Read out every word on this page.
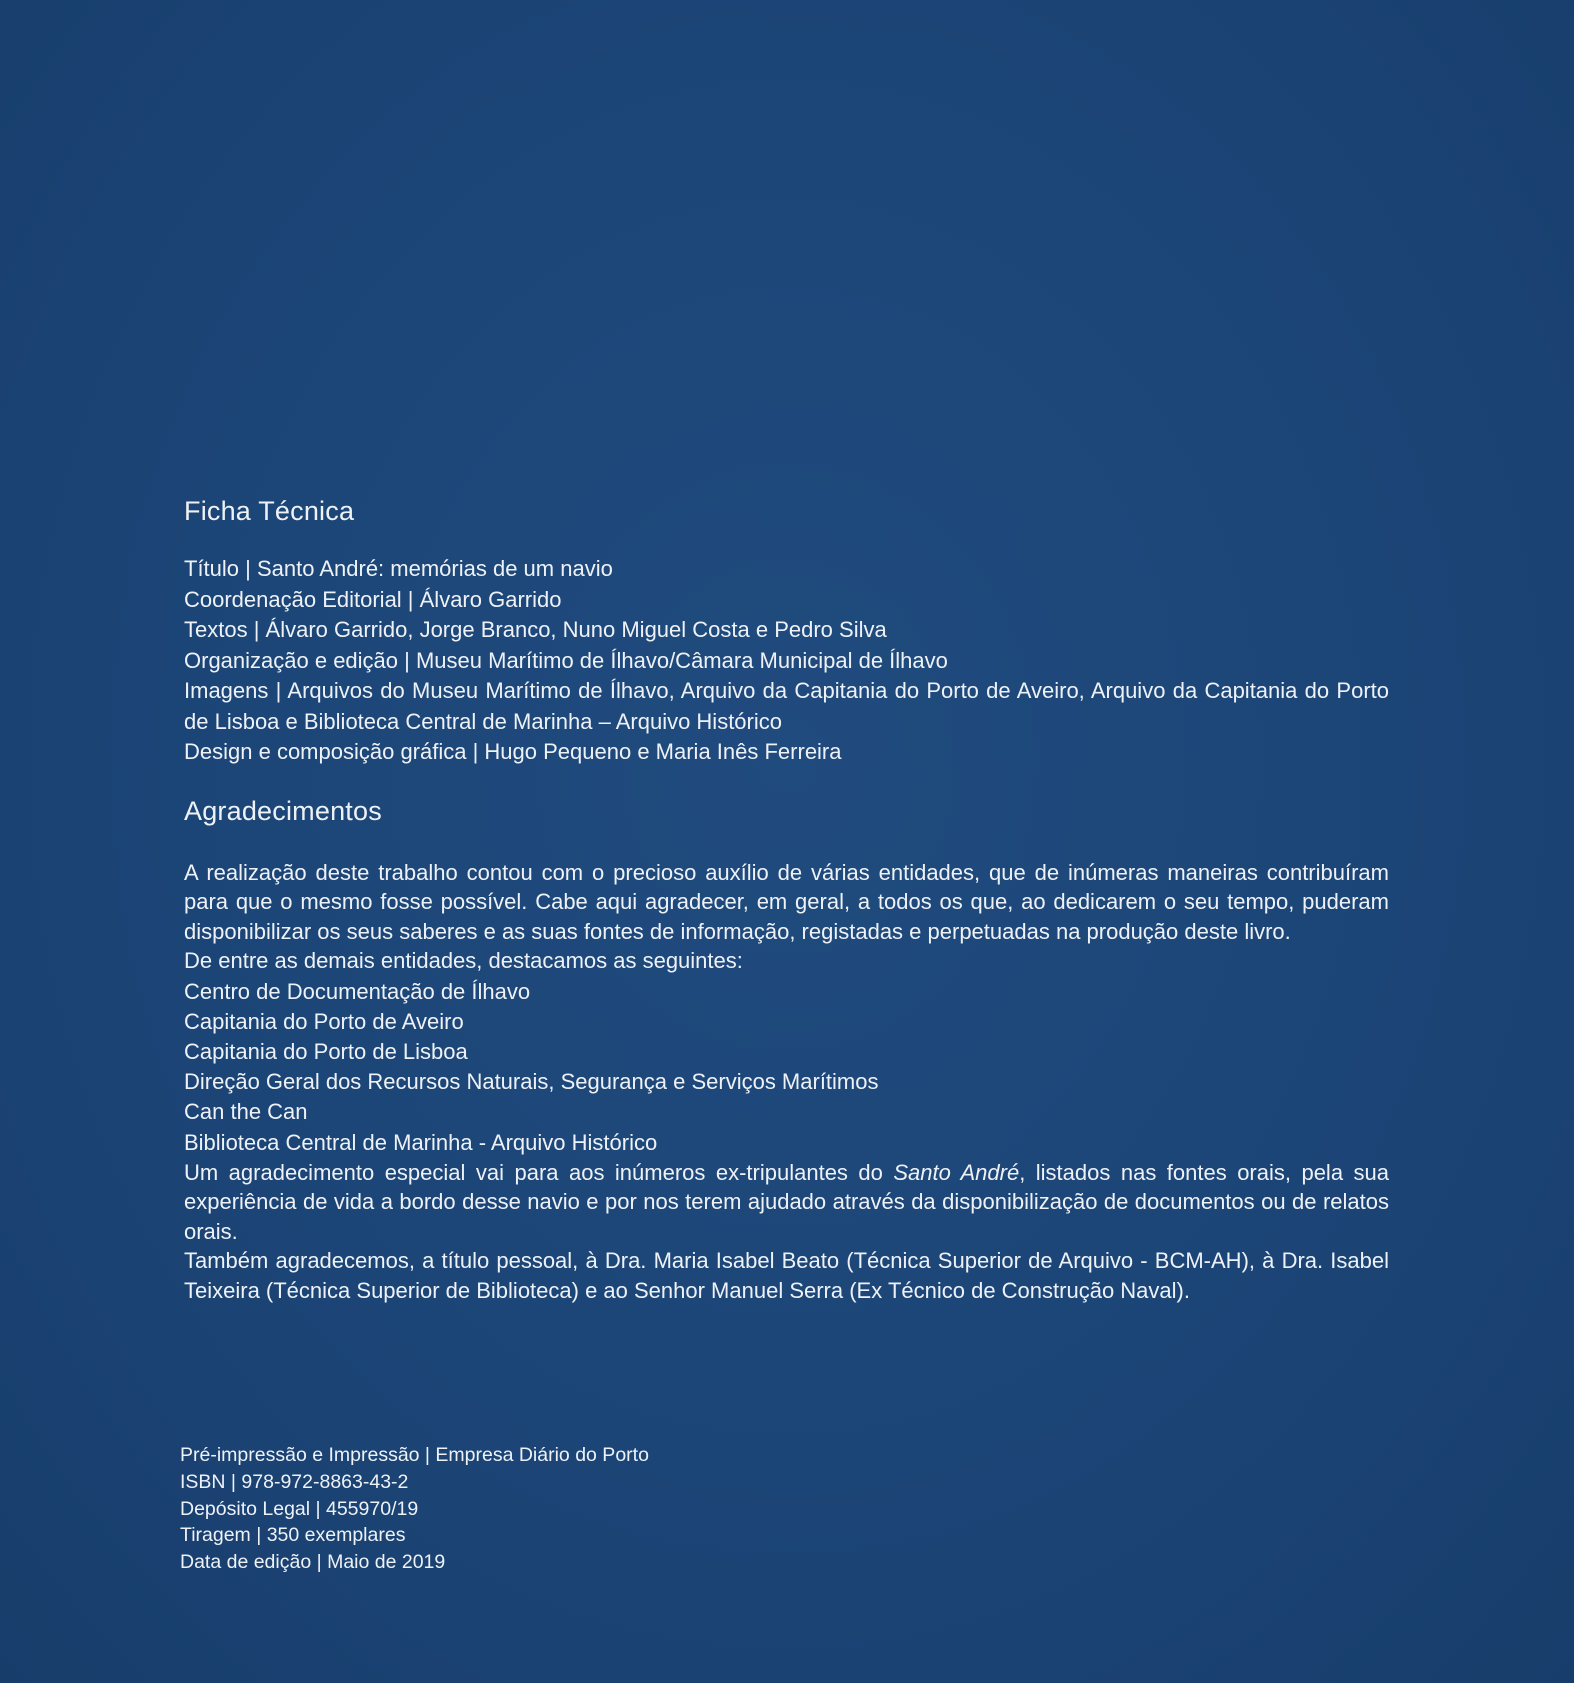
Ficha Técnica
Título | Santo André: memórias de um navio
Coordenação Editorial | Álvaro Garrido
Textos | Álvaro Garrido, Jorge Branco, Nuno Miguel Costa e Pedro Silva
Organização e edição | Museu Marítimo de Ílhavo/Câmara Municipal de Ílhavo
Imagens | Arquivos do Museu Marítimo de Ílhavo, Arquivo da Capitania do Porto de Aveiro, Arquivo da Capitania do Porto de Lisboa e Biblioteca Central de Marinha – Arquivo Histórico
Design e composição gráfica | Hugo Pequeno e Maria Inês Ferreira
Agradecimentos

A realização deste trabalho contou com o precioso auxílio de várias entidades, que de inúmeras maneiras contribuíram para que o mesmo fosse possível. Cabe aqui agradecer, em geral, a todos os que, ao dedicarem o seu tempo, puderam disponibilizar os seus saberes e as suas fontes de informação, registadas e perpetuadas na produção deste livro.

De entre as demais entidades, destacamos as seguintes:
Centro de Documentação de Ílhavo
Capitania do Porto de Aveiro
Capitania do Porto de Lisboa
Direção Geral dos Recursos Naturais, Segurança e Serviços Marítimos
Can the Can
Biblioteca Central de Marinha - Arquivo Histórico

Um agradecimento especial vai para aos inúmeros ex-tripulantes do Santo André, listados nas fontes orais, pela sua experiência de vida a bordo desse navio e por nos terem ajudado através da disponibilização de documentos ou de relatos orais.

Também agradecemos, a título pessoal, à Dra. Maria Isabel Beato (Técnica Superior de Arquivo - BCM-AH), à Dra. Isabel Teixeira (Técnica Superior de Biblioteca) e ao Senhor Manuel Serra (Ex Técnico de Construção Naval).

Pré-impressão e Impressão | Empresa Diário do Porto
ISBN | 978-972-8863-43-2
Depósito Legal | 455970/19
Tiragem | 350 exemplares
Data de edição | Maio de 2019
